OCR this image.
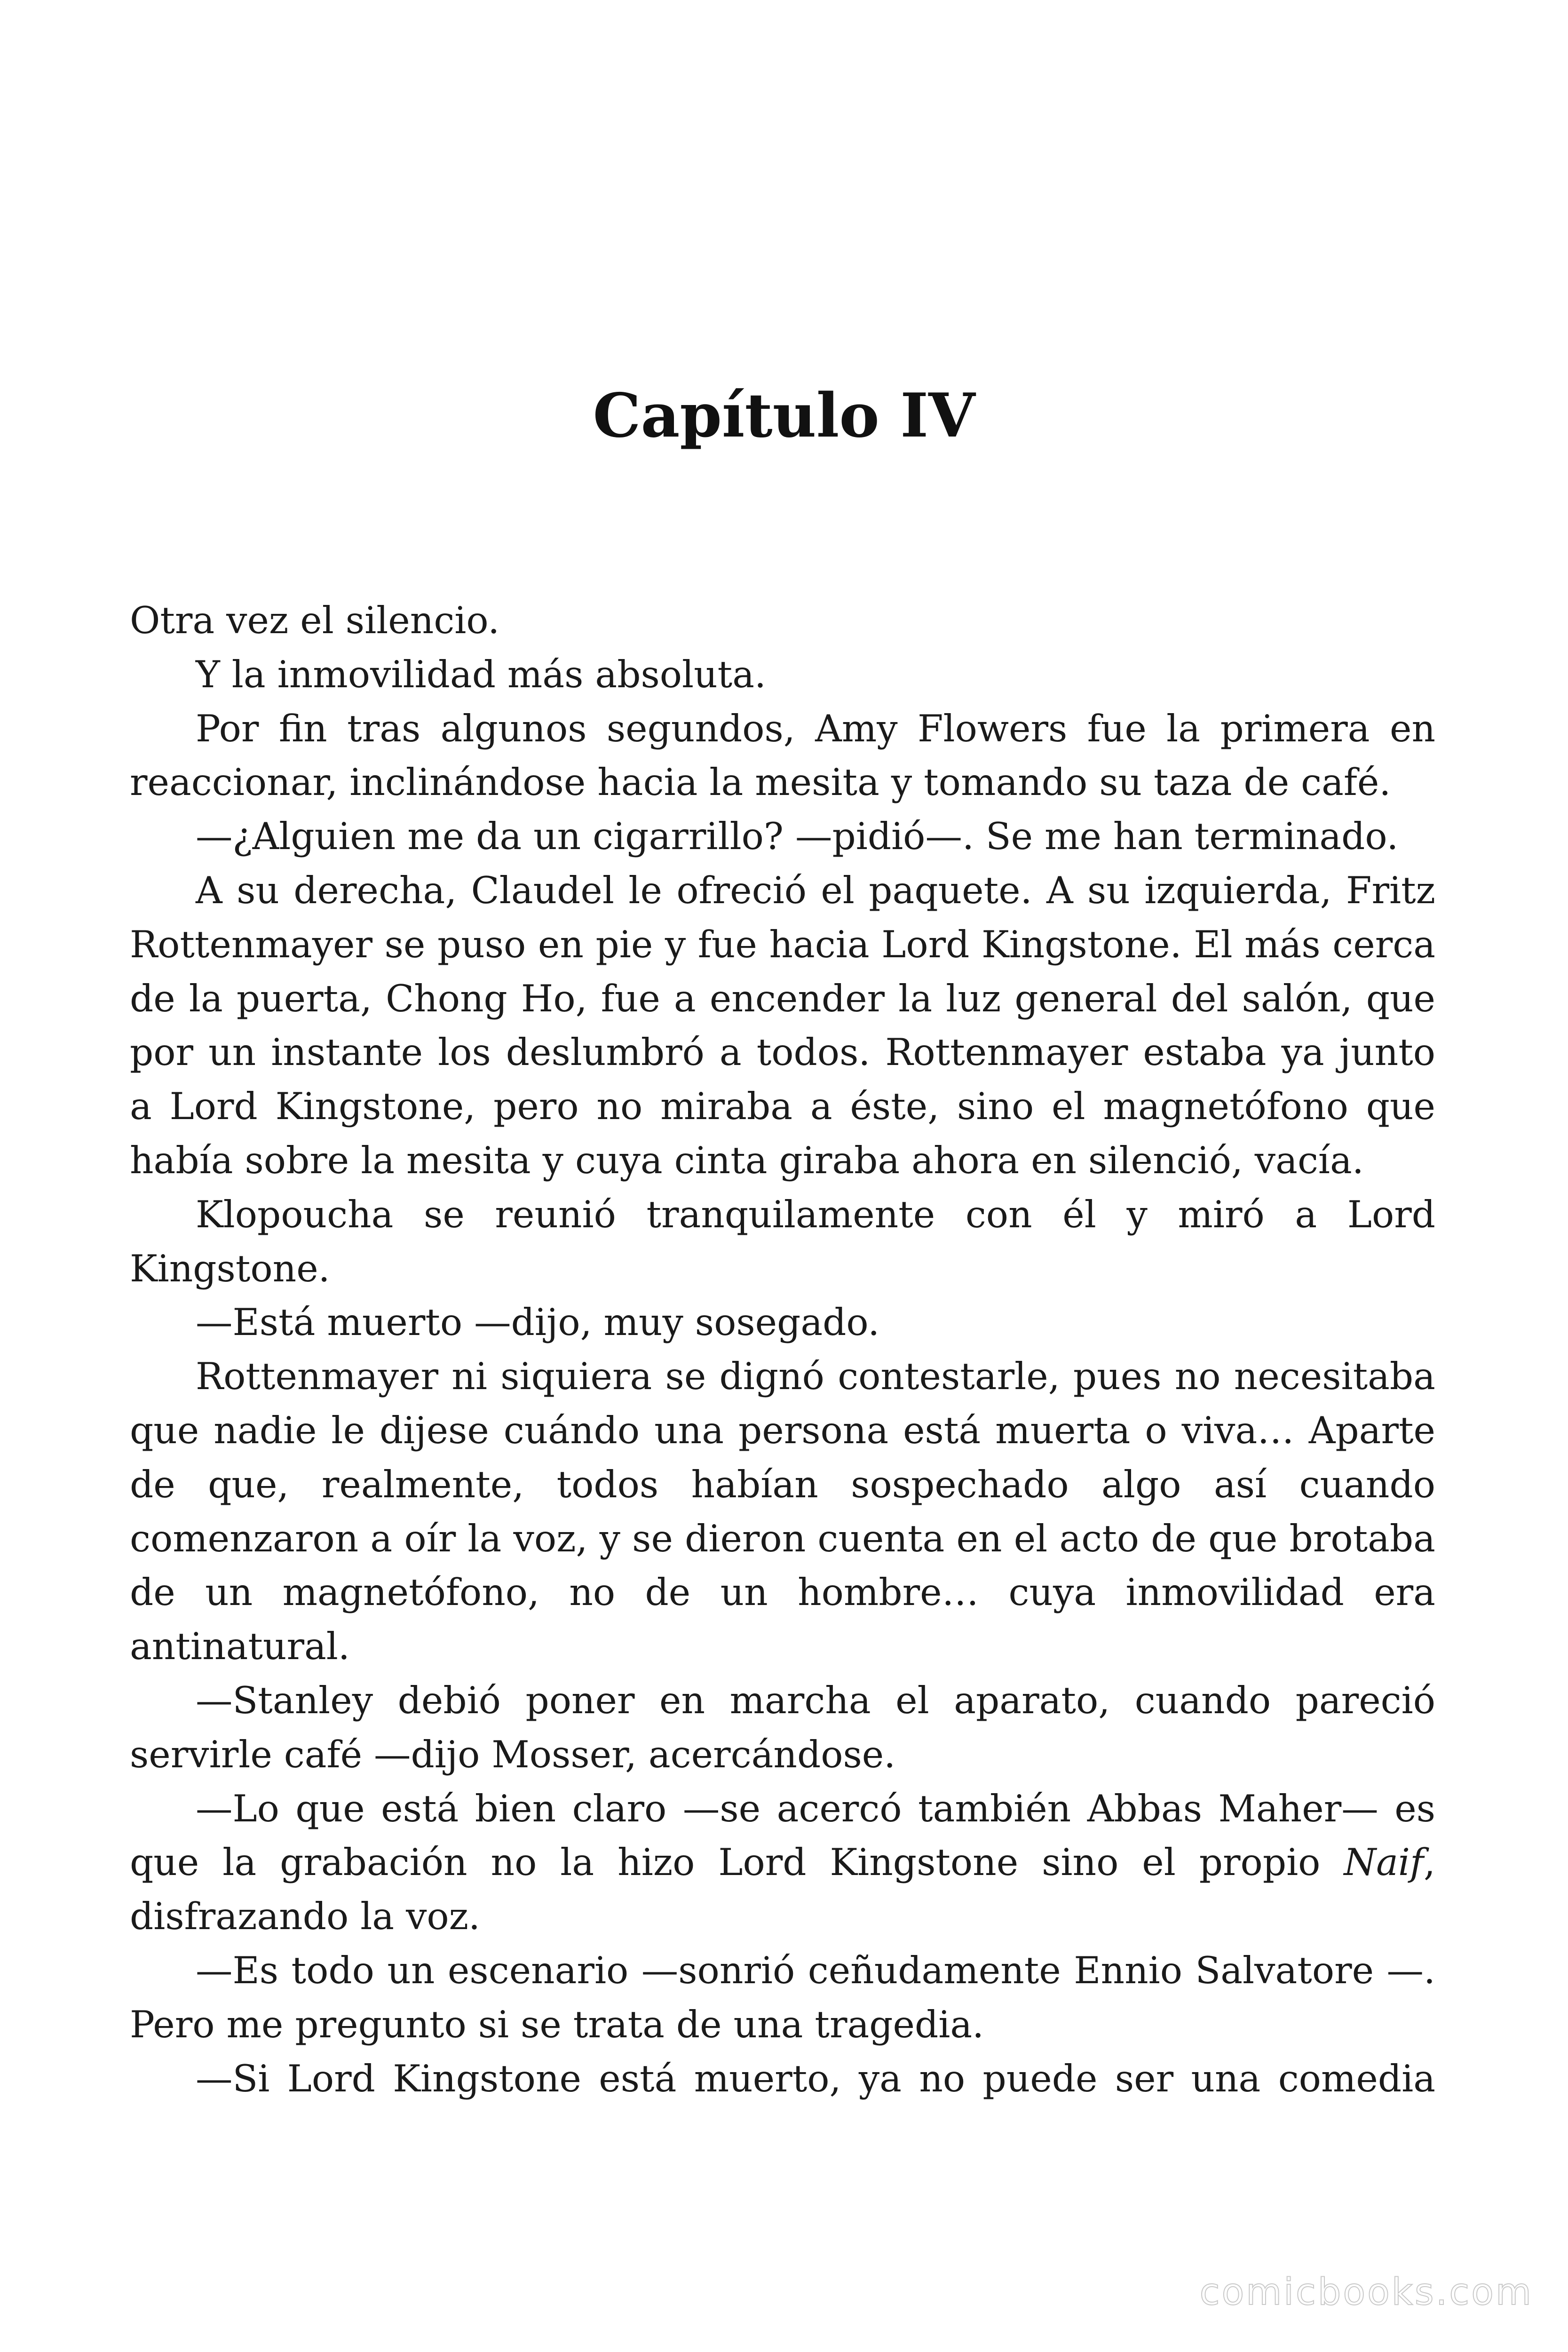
Capítulo IV

Otra vez el silencio.

Y la inmovilidad más absoluta.

Por fin tras algunos segundos, Amy Flowers fue la primera en reaccionar, inclinándose hacia la mesita y tomando su taza de café.

—¿Alguien me da un cigarrillo? —pidió—. Se me han terminado.

A su derecha, Claudel le ofreció el paquete. A su izquierda, Fritz Rottenmayer se puso en pie y fue hacia Lord Kingstone. El más cerca de la puerta, Chong Ho, fue a encender la luz general del salón, que por un instante los deslumbró a todos. Rottenmayer estaba ya junto a Lord Kingstone, pero no miraba a éste, sino el magnetófono que había sobre la mesita y cuya cinta giraba ahora en silenció, vacía.

Klopoucha se reunió tranquilamente con él y miró a Lord Kingstone.

—Está muerto —dijo, muy sosegado.

Rottenmayer ni siquiera se dignó contestarle, pues no necesitaba que nadie le dijese cuándo una persona está muerta o viva… Aparte de que, realmente, todos habían sospechado algo así cuando comenzaron a oír la voz, y se dieron cuenta en el acto de que brotaba de un magnetófono, no de un hombre… cuya inmovilidad era antinatural.

—Stanley debió poner en marcha el aparato, cuando pareció servirle café —dijo Mosser, acercándose.

—Lo que está bien claro —se acercó también Abbas Maher— es que la grabación no la hizo Lord Kingstone sino el propio Naif, disfrazando la voz.

—Es todo un escenario —sonrió ceñudamente Ennio Salvatore —. Pero me pregunto si se trata de una tragedia.

—Si Lord Kingstone está muerto, ya no puede ser una comedia

comicbooks.com
